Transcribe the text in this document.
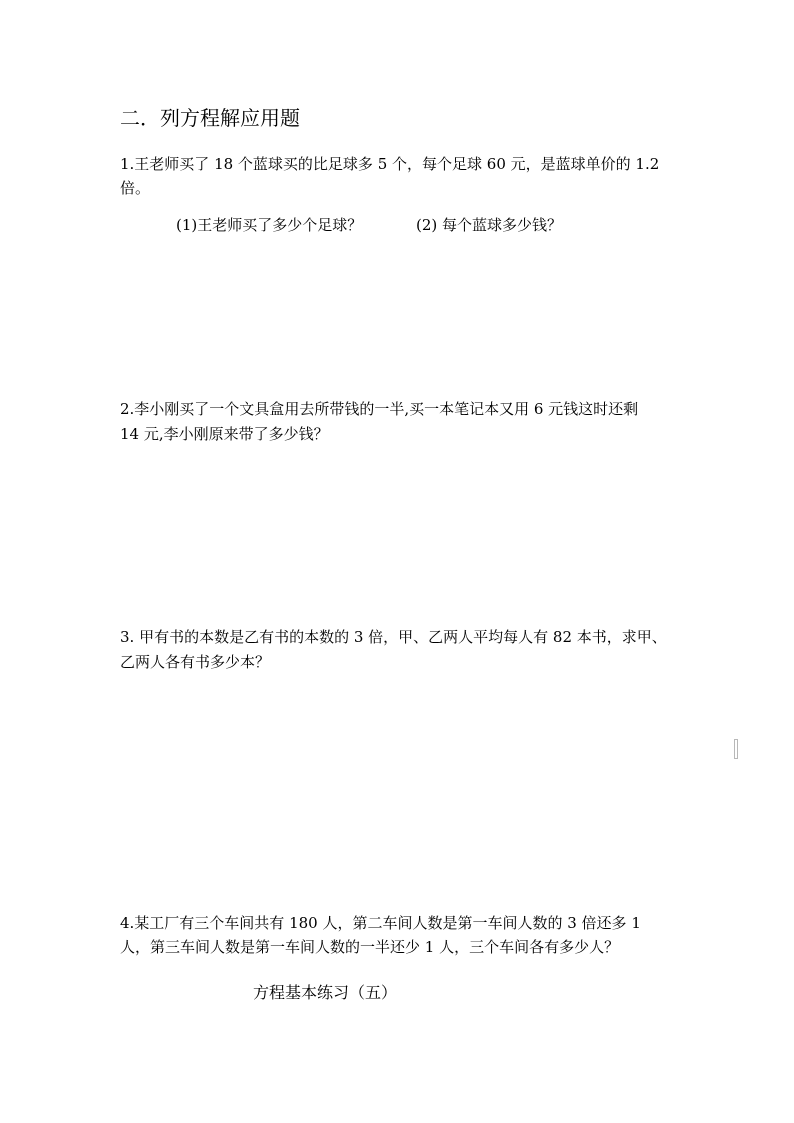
二．列方程解应用题
1.王老师买了 18 个蓝球买的比足球多 5 个，每个足球 60 元，是蓝球单价的 1.2
倍。
(1)王老师买了多少个足球？	(2) 每个蓝球多少钱？
2.李小刚买了一个文具盒用去所带钱的一半,买一本笔记本又用 6 元钱这时还剩
14 元,李小刚原来带了多少钱？
3. 甲有书的本数是乙有书的本数的 3 倍，甲、乙两人平均每人有 82 本书，求甲、
乙两人各有书多少本？
4.某工厂有三个车间共有 180 人，第二车间人数是第一车间人数的 3 倍还多 1
人，第三车间人数是第一车间人数的一半还少 1 人，三个车间各有多少人？
方程基本练习（五）
